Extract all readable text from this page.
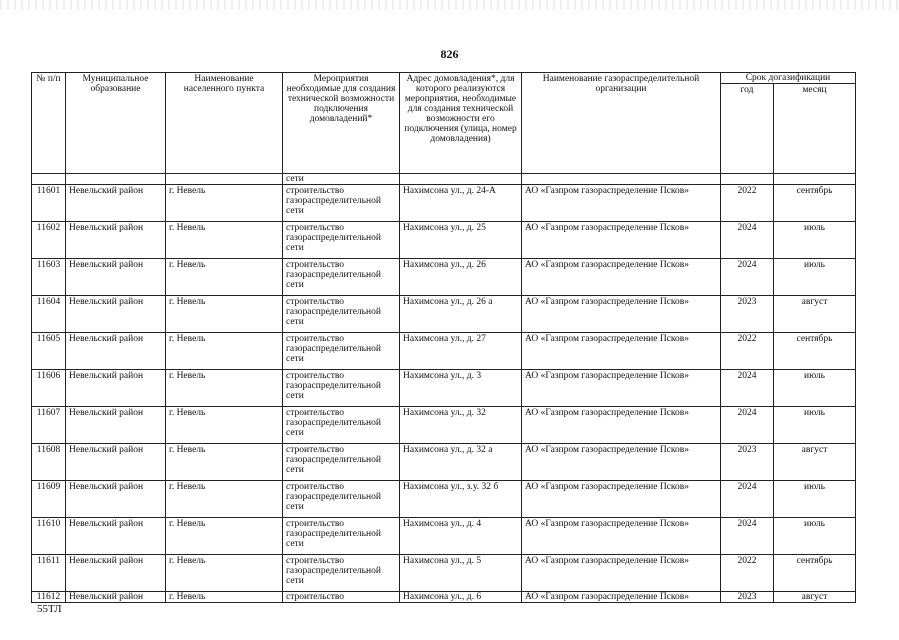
826
№ п/п	Муниципальное образование	Наименование населенного пункта	Мероприятия необходимые для создания технической возможности подключения домовладений*	Адрес домовладения*, для которого реализуются мероприятия, необходимые для создания технической возможности его подключения (улица, номер домовладения)	Наименование газораспределительной организации	Срок догазификации	
						год	месяц
			сети				
11601	Невельский район	г. Невель	строительство газораспределительной сети	Нахимсона ул., д. 24-А	АО «Газпром газораспределение Псков»	2022	сентябрь
11602	Невельский район	г. Невель	строительство газораспределительной сети	Нахимсона ул., д. 25	АО «Газпром газораспределение Псков»	2024	июль
11603	Невельский район	г. Невель	строительство газораспределительной сети	Нахимсона ул., д. 26	АО «Газпром газораспределение Псков»	2024	июль
11604	Невельский район	г. Невель	строительство газораспределительной сети	Нахимсона ул., д. 26 а	АО «Газпром газораспределение Псков»	2023	август
11605	Невельский район	г. Невель	строительство газораспределительной сети	Нахимсона ул., д. 27	АО «Газпром газораспределение Псков»	2022	сентябрь
11606	Невельский район	г. Невель	строительство газораспределительной сети	Нахимсона ул., д. 3	АО «Газпром газораспределение Псков»	2024	июль
11607	Невельский район	г. Невель	строительство газораспределительной сети	Нахимсона ул., д. 32	АО «Газпром газораспределение Псков»	2024	июль
11608	Невельский район	г. Невель	строительство газораспределительной сети	Нахимсона ул., д. 32 а	АО «Газпром газораспределение Псков»	2023	август
11609	Невельский район	г. Невель	строительство газораспределительной сети	Нахимсона ул., з.у. 32 б	АО «Газпром газораспределение Псков»	2024	июль
11610	Невельский район	г. Невель	строительство газораспределительной сети	Нахимсона ул., д. 4	АО «Газпром газораспределение Псков»	2024	июль
11611	Невельский район	г. Невель	строительство газораспределительной сети	Нахимсона ул., д. 5	АО «Газпром газораспределение Псков»	2022	сентябрь
11612	Невельский район	г. Невель	строительство	Нахимсона ул., д. 6	АО «Газпром газораспределение Псков»	2023	август
55ТЛ
